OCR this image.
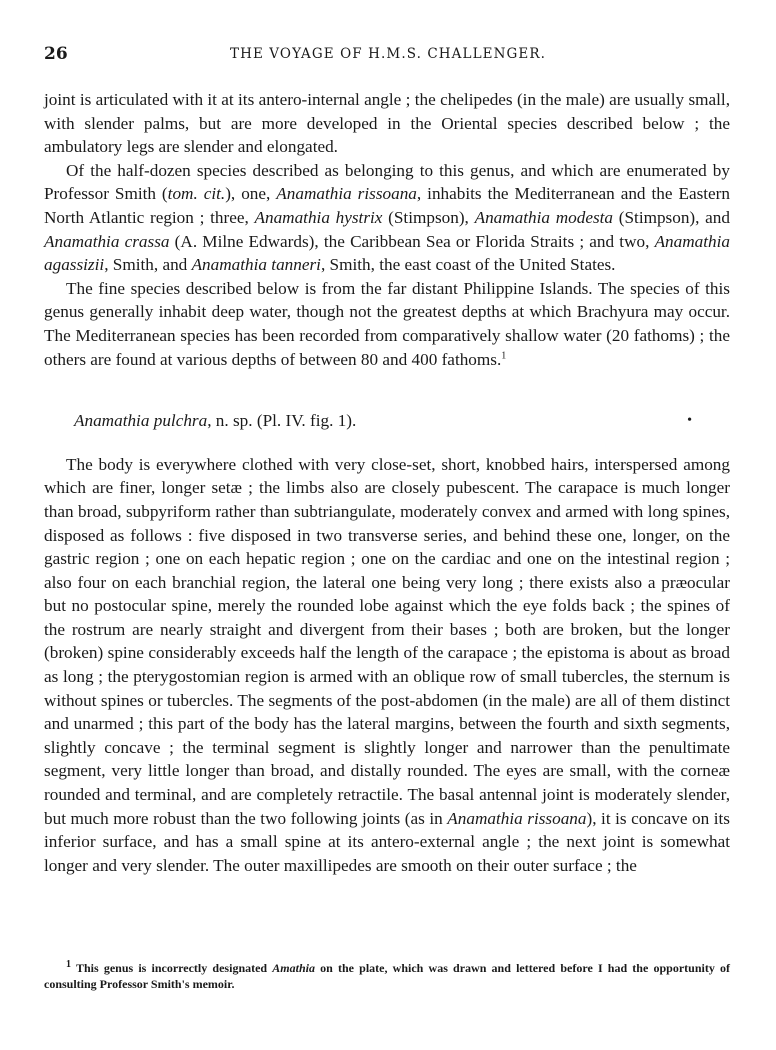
26	THE VOYAGE OF H.M.S. CHALLENGER.

joint is articulated with it at its antero-internal angle ; the chelipedes (in the male) are usually small, with slender palms, but are more developed in the Oriental species described below ; the ambulatory legs are slender and elongated.

Of the half-dozen species described as belonging to this genus, and which are enumerated by Professor Smith (tom. cit.), one, Anamathia rissoana, inhabits the Mediterranean and the Eastern North Atlantic region ; three, Anamathia hystrix (Stimpson), Anamathia modesta (Stimpson), and Anamathia crassa (A. Milne Edwards), the Caribbean Sea or Florida Straits ; and two, Anamathia agassizii, Smith, and Anamathia tanneri, Smith, the east coast of the United States.

The fine species described below is from the far distant Philippine Islands. The species of this genus generally inhabit deep water, though not the greatest depths at which Brachyura may occur. The Mediterranean species has been recorded from comparatively shallow water (20 fathoms) ; the others are found at various depths of between 80 and 400 fathoms.$^1$

Anamathia pulchra, n. sp. (Pl. IV. fig. 1).	•

The body is everywhere clothed with very close-set, short, knobbed hairs, interspersed among which are finer, longer setæ ; the limbs also are closely pubescent. The carapace is much longer than broad, subpyriform rather than subtriangulate, moderately convex and armed with long spines, disposed as follows : five disposed in two transverse series, and behind these one, longer, on the gastric region ; one on each hepatic region ; one on the cardiac and one on the intestinal region ; also four on each branchial region, the lateral one being very long ; there exists also a præocular but no postocular spine, merely the rounded lobe against which the eye folds back ; the spines of the rostrum are nearly straight and divergent from their bases ; both are broken, but the longer (broken) spine considerably exceeds half the length of the carapace ; the epistoma is about as broad as long ; the pterygostomian region is armed with an oblique row of small tubercles, the sternum is without spines or tubercles. The segments of the post-abdomen (in the male) are all of them distinct and unarmed ; this part of the body has the lateral margins, between the fourth and sixth segments, slightly concave ; the terminal segment is slightly longer and narrower than the penultimate segment, very little longer than broad, and distally rounded. The eyes are small, with the corneæ rounded and terminal, and are completely retractile. The basal antennal joint is moderately slender, but much more robust than the two following joints (as in Anamathia rissoana), it is concave on its inferior surface, and has a small spine at its antero-external angle ; the next joint is somewhat longer and very slender. The outer maxillipedes are smooth on their outer surface ; the

$^1$ This genus is incorrectly designated Amathia on the plate, which was drawn and lettered before I had the opportunity of consulting Professor Smith's memoir.
